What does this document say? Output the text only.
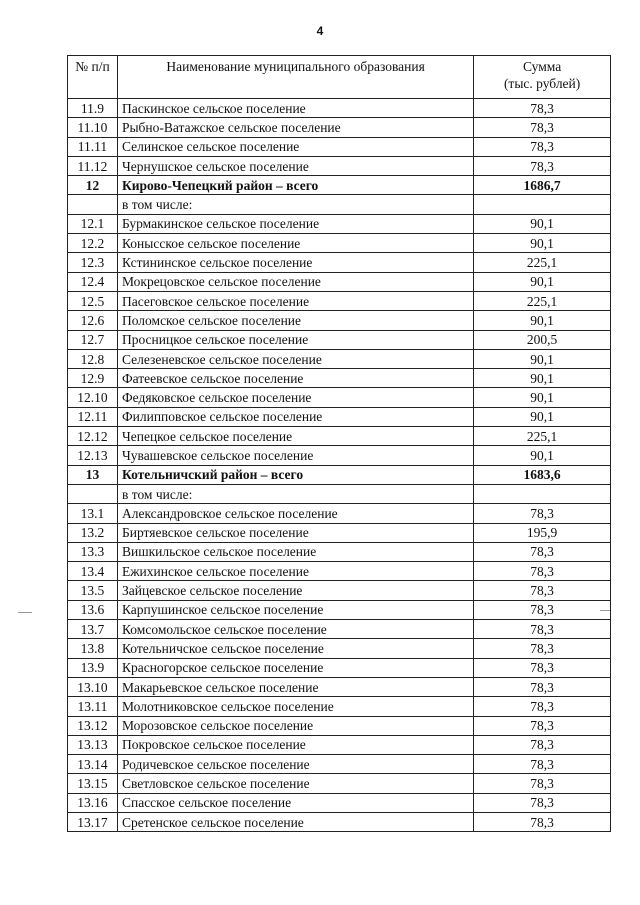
4
№ п/п	Наименование муниципального образования	Сумма
(тыс. рублей)

11.9	Паскинское сельское поселение	78,3
11.10	Рыбно-Ватажское сельское поселение	78,3
11.11	Селинское сельское поселение	78,3
11.12	Чернушское сельское поселение	78,3
12	Кирово-Чепецкий район – всего	1686,7
	в том числе:	
12.1	Бурмакинское сельское поселение	90,1
12.2	Конысское сельское поселение	90,1
12.3	Кстининское сельское поселение	225,1
12.4	Мокрецовское сельское поселение	90,1
12.5	Пасеговское сельское поселение	225,1
12.6	Поломское сельское поселение	90,1
12.7	Просницкое сельское поселение	200,5
12.8	Селезеневское сельское поселение	90,1
12.9	Фатеевское сельское поселение	90,1
12.10	Федяковское сельское поселение	90,1
12.11	Филипповское сельское поселение	90,1
12.12	Чепецкое сельское поселение	225,1
12.13	Чувашевское сельское поселение	90,1
13	Котельничский район – всего	1683,6
	в том числе:	
13.1	Александровское сельское поселение	78,3
13.2	Биртяевское сельское поселение	195,9
13.3	Вишкильское сельское поселение	78,3
13.4	Ежихинское сельское поселение	78,3
13.5	Зайцевское сельское поселение	78,3
13.6	Карпушинское сельское поселение	78,3
13.7	Комсомольское сельское поселение	78,3
13.8	Котельничское сельское поселение	78,3
13.9	Красногорское сельское поселение	78,3
13.10	Макарьевское сельское поселение	78,3
13.11	Молотниковское сельское поселение	78,3
13.12	Морозовское сельское поселение	78,3
13.13	Покровское сельское поселение	78,3
13.14	Родичевское сельское поселение	78,3
13.15	Светловское сельское поселение	78,3
13.16	Спасское сельское поселение	78,3
13.17	Сретенское сельское поселение	78,3
